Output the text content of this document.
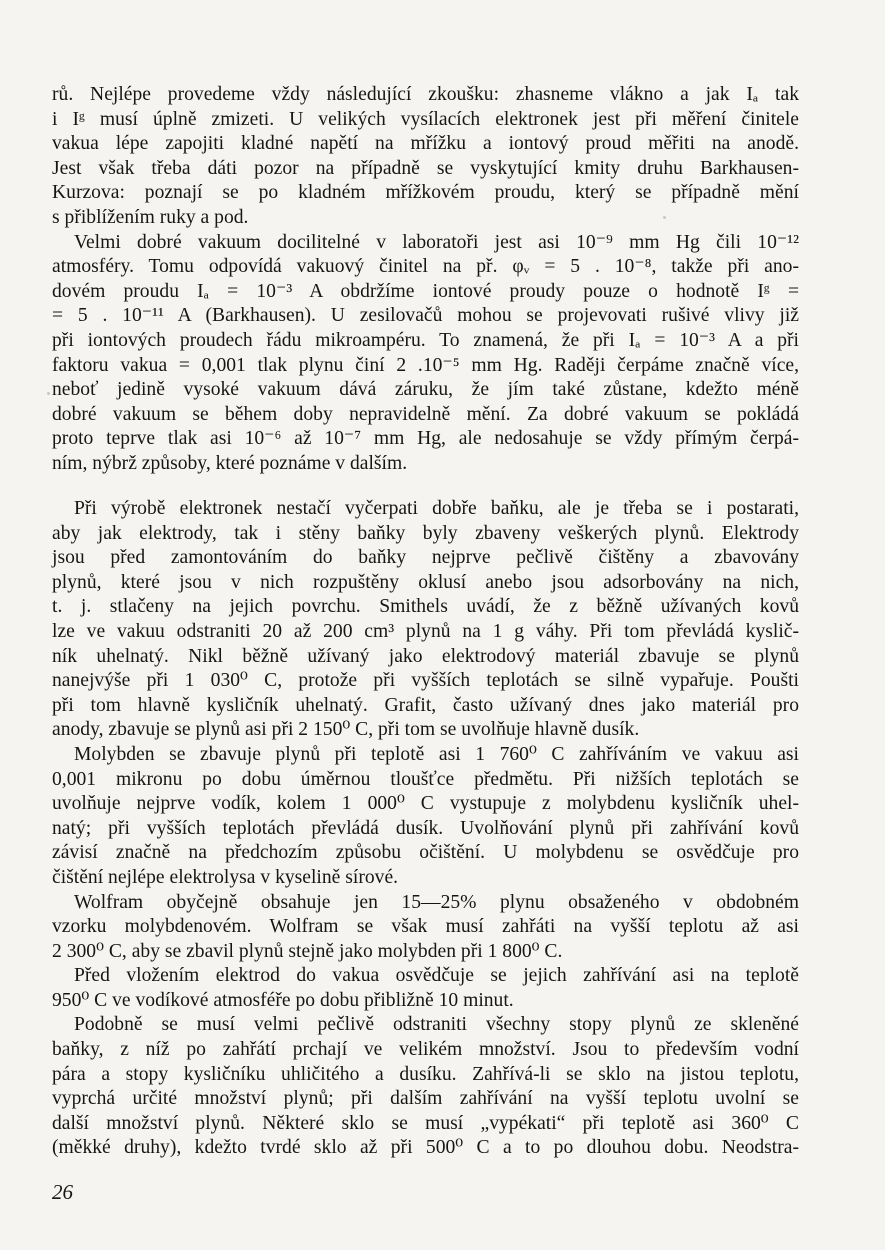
rů. Nejlépe provedeme vždy následující zkoušku: zhasneme vlákno a jak Iₐ tak
i Iᵍ musí úplně zmizeti. U velikých vysílacích elektronek jest při měření činitele
vakua lépe zapojiti kladné napětí na mřížku a iontový proud měřiti na anodě.
Jest však třeba dáti pozor na případně se vyskytující kmity druhu Barkhausen-
Kurzova: poznají se po kladném mřížkovém proudu, který se případně mění
s přiblížením ruky a pod.
Velmi dobré vakuum docilitelné v laboratoři jest asi 10⁻⁹ mm Hg čili 10⁻¹²
atmosféry. Tomu odpovídá vakuový činitel na př. φᵥ = 5 . 10⁻⁸, takže při ano-
dovém proudu Iₐ = 10⁻³ A obdržíme iontové proudy pouze o hodnotě Iᵍ =
= 5 . 10⁻¹¹ A (Barkhausen). U zesilovačů mohou se projevovati rušivé vlivy již
při iontových proudech řádu mikroampéru. To znamená, že při Iₐ = 10⁻³ A a při
faktoru vakua = 0,001 tlak plynu činí 2 .10⁻⁵ mm Hg. Raději čerpáme značně více,
neboť jedině vysoké vakuum dává záruku, že jím také zůstane, kdežto méně
dobré vakuum se během doby nepravidelně mění. Za dobré vakuum se pokládá
proto teprve tlak asi 10⁻⁶ až 10⁻⁷ mm Hg, ale nedosahuje se vždy přímým čerpá-
ním, nýbrž způsoby, které poznáme v dalším.
Při výrobě elektronek nestačí vyčerpati dobře baňku, ale je třeba se i postarati,
aby jak elektrody, tak i stěny baňky byly zbaveny veškerých plynů. Elektrody
jsou před zamontováním do baňky nejprve pečlivě čištěny a zbavovány
plynů, které jsou v nich rozpuštěny oklusí anebo jsou adsorbovány na nich,
t. j. stlačeny na jejich povrchu. Smithels uvádí, že z běžně užívaných kovů
lze ve vakuu odstraniti 20 až 200 cm³ plynů na 1 g váhy. Při tom převládá kyslič-
ník uhelnatý. Nikl běžně užívaný jako elektrodový materiál zbavuje se plynů
nanejvýše při 1 030⁰ C, protože při vyšších teplotách se silně vypařuje. Poušti
při tom hlavně kysličník uhelnatý. Grafit, často užívaný dnes jako materiál pro
anody, zbavuje se plynů asi při 2 150⁰ C, při tom se uvolňuje hlavně dusík.
Molybden se zbavuje plynů při teplotě asi 1 760⁰ C zahříváním ve vakuu asi
0,001 mikronu po dobu úměrnou tloušťce předmětu. Při nižších teplotách se
uvolňuje nejprve vodík, kolem 1 000⁰ C vystupuje z molybdenu kysličník uhel-
natý; při vyšších teplotách převládá dusík. Uvolňování plynů při zahřívání kovů
závisí značně na předchozím způsobu očištění. U molybdenu se osvědčuje pro
čištění nejlépe elektrolysa v kyselině sírové.
Wolfram obyčejně obsahuje jen 15—25% plynu obsaženého v obdobném
vzorku molybdenovém. Wolfram se však musí zahřáti na vyšší teplotu až asi
2 300⁰ C, aby se zbavil plynů stejně jako molybden při 1 800⁰ C.
Před vložením elektrod do vakua osvědčuje se jejich zahřívání asi na teplotě
950⁰ C ve vodíkové atmosféře po dobu přibližně 10 minut.
Podobně se musí velmi pečlivě odstraniti všechny stopy plynů ze skleněné
baňky, z níž po zahřátí prchají ve velikém množství. Jsou to především vodní
pára a stopy kysličníku uhličitého a dusíku. Zahřívá-li se sklo na jistou teplotu,
vyprchá určité množství plynů; při dalším zahřívání na vyšší teplotu uvolní se
další množství plynů. Některé sklo se musí „vypékati“ při teplotě asi 360⁰ C
(měkké druhy), kdežto tvrdé sklo až při 500⁰ C a to po dlouhou dobu. Neodstra-
26
